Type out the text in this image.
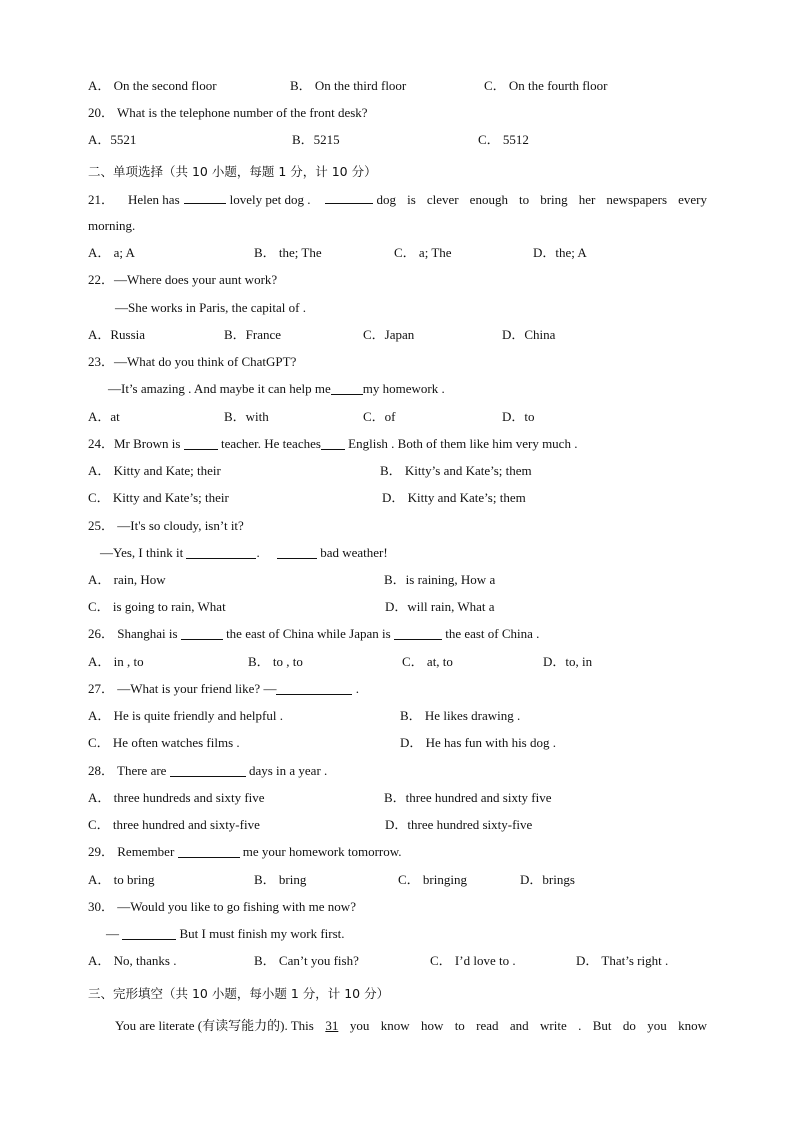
A． On the second floor	B． On the third floor	C． On the fourth floor
20． What is the telephone number of the front desk?
A．5521	B．5215	C． 5512
二、单项选择（共 10 小题，每题 1 分，计 10 分）
21． Helen has	lovely pet dog .	dog is clever enough to bring her newspapers every
morning.
A． a; A	B． the; The	C． a; The	D．the; A
22．—Where does your aunt work?
—She works in Paris, the capital of .
A．Russia	B．France	C．Japan	D．China
23．—What do you think of ChatGPT?
—It’s amazing . And maybe it can help me my homework .
A．at	B．with	C．of	D．to
24．Mr Brown is	teacher. He teaches English . Both of them like him very much .
A． Kitty and Kate; their	B． Kitty’s and Kate’s; them
C． Kitty and Kate’s; their	D． Kitty and Kate’s; them
25． —It's so cloudy, isn’t it?
—Yes, I think it	.	bad weather!
A． rain, How	B．is raining, How a
C． is going to rain, What	D．will rain, What a
26． Shanghai is	the east of China while Japan is	the east of China .
A． in , to	B． to , to	C． at, to	D．to, in
27． —What is your friend like? —	.
A． He is quite friendly and helpful .	B． He likes drawing .
C． He often watches films .	D． He has fun with his dog .
28． There are	days in a year .
A． three hundreds and sixty five	B．three hundred and sixty five
C． three hundred and sixty-five	D．three hundred sixty-five
29． Remember	me your homework tomorrow.
A． to bring	B． bring	C． bringing	D．brings
30． —Would you like to go fishing with me now?
—	But I must finish my work first.
A． No, thanks .	B． Can’t you fish?	C． I’d love to .	D． That’s right .
三、完形填空（共 10 小题，每小题 1 分，计 10 分）
You are literate (有读写能力的). This 31 you know how to read and write . But do you know
